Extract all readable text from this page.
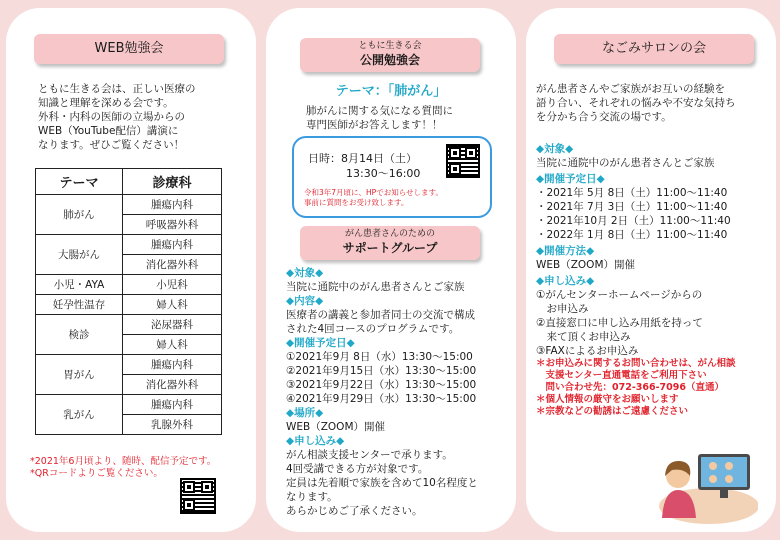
WEB勉強会
ともに生きる会は、正しい医療の
知識と理解を深める会です。
外科・内科の医師の立場からの
WEB（YouTube配信）講演に
なります。ぜひご覧ください！
テーマ	診療科
肺がん	腫瘍内科
	呼吸器外科
大腸がん	腫瘍内科
	消化器外科
小児・AYA	小児科
妊孕性温存	婦人科
検診	泌尿器科
	婦人科
胃がん	腫瘍内科
	消化器外科
乳がん	腫瘍内科
	乳腺外科
*2021年6月頃より、随時、配信予定です。
*QRコードよりご覧ください。
ともに生きる会
公開勉強会
テーマ：「肺がん」
肺がんに関する気になる質問に
専門医師がお答えします！！
日時：8月14日（土）
13:30～16:00
令和3年7月頃に、HPでお知らせします。
事前に質問をお受け致します。
がん患者さんのための
サポートグループ
◆対象◆
当院に通院中のがん患者さんとご家族
◆内容◆
医療者の講義と参加者同士の交流で構成
された4回コースのプログラムです。
◆開催予定日◆
①2021年9月 8日（水）13:30～15:00
②2021年9月15日（水）13:30～15:00
③2021年9月22日（水）13:30～15:00
④2021年9月29日（水）13:30～15:00
◆場所◆
WEB（ZOOM）開催
◆申し込み◆
がん相談支援センターで承ります。
4回受講できる方が対象です。
定員は先着順で家族を含めて10名程度と
なります。
あらかじめご了承ください。
なごみサロンの会
がん患者さんやご家族がお互いの経験を
語り合い、それぞれの悩みや不安な気持ち
を分かち合う交流の場です。
◆対象◆
当院に通院中のがん患者さんとご家族
◆開催予定日◆
・2021年 5月 8日（土）11:00～11:40
・2021年 7月 3日（土）11:00～11:40
・2021年10月 2日（土）11:00～11:40
・2022年 1月 8日（土）11:00～11:40
◆開催方法◆
WEB（ZOOM）開催
◆申し込み◆
①がんセンターホームページからの
　お申込み
②直接窓口に申し込み用紙を持って
　来て頂くお申込み
③FAXによるお申込み
＊お申込みに関するお問い合わせは、がん相談
　支援センター直通電話をご利用下さい
　問い合わせ先：072-366-7096（直通）
＊個人情報の厳守をお願いします
＊宗教などの勧誘はご遠慮ください
